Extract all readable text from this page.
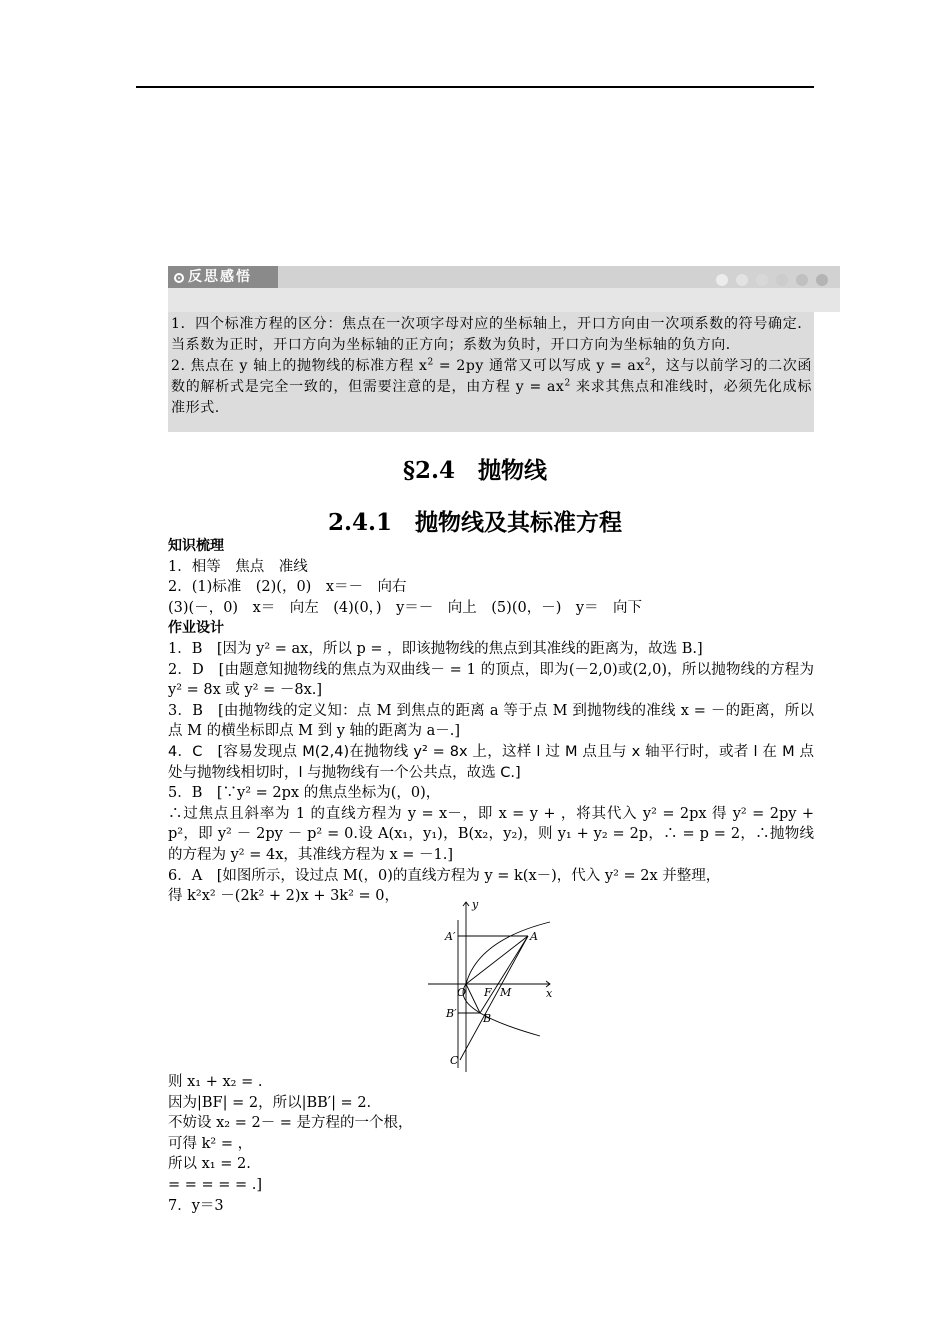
反思感悟

1．四个标准方程的区分：焦点在一次项字母对应的坐标轴上，开口方向由一次项系数的符号确定．当系数为正时，开口方向为坐标轴的正方向；系数为负时，开口方向为坐标轴的负方向．

2. 焦点在 y 轴上的抛物线的标准方程 $x^2 = 2py$ 通常又可以写成 $y = ax^2$，这与以前学习的二次函数的解析式是完全一致的，但需要注意的是，由方程 $y = ax^2$ 来求其焦点和准线时，必须先化成标准形式.

§2.4　抛物线
2.4.1　抛物线及其标准方程

知识梳理

1．相等　焦点　准线

2．(1)标准　(2)(，0)　x＝－　向右

(3)(－，0)　x＝　向左　(4)(0，)　y＝－　向上　(5)(0，－)　y＝　向下

作业设计

1．B　[因为 y² = ax，所以 p = ，即该抛物线的焦点到其准线的距离为，故选 B.]

2．D　[由题意知抛物线的焦点为双曲线－ = 1 的顶点，即为(－2,0)或(2,0)，所以抛物线的方程为 y² = 8x 或 y² = －8x.]

3．B　[由抛物线的定义知：点 M 到焦点的距离 a 等于点 M 到抛物线的准线 x = －的距离，所以点 M 的横坐标即点 M 到 y 轴的距离为 a－.]

4．C　[容易发现点 M(2,4)在抛物线 y² = 8x 上，这样 l 过 M 点且与 x 轴平行时，或者 l 在 M 点处与抛物线相切时，l 与抛物线有一个公共点，故选 C.]

5．B　[∵y² = 2px 的焦点坐标为(，0)，

∴过焦点且斜率为 1 的直线方程为 y = x－，即 x = y + ，将其代入 y² = 2px 得 y² = 2py + p²，即 y² － 2py － p² = 0.设 A(x₁，y₁)，B(x₂，y₂)，则 y₁ + y₂ = 2p，∴ = p = 2，∴抛物线的方程为 y² = 4x，其准线方程为 x = －1.]

6．A　[如图所示，设过点 M(，0)的直线方程为 y = k(x－)，代入 y² = 2x 并整理，

得 k²x² －(2k² + 2)x + 3k² = 0，

y
x
A′	A
O F M
B′ B
C

则 x₁ + x₂ = .

因为|BF| = 2，所以|BB′| = 2.

不妨设 x₂ = 2－ = 是方程的一个根，

可得 k² = ，

所以 x₁ = 2.

= = = = = .]

7．y＝3
